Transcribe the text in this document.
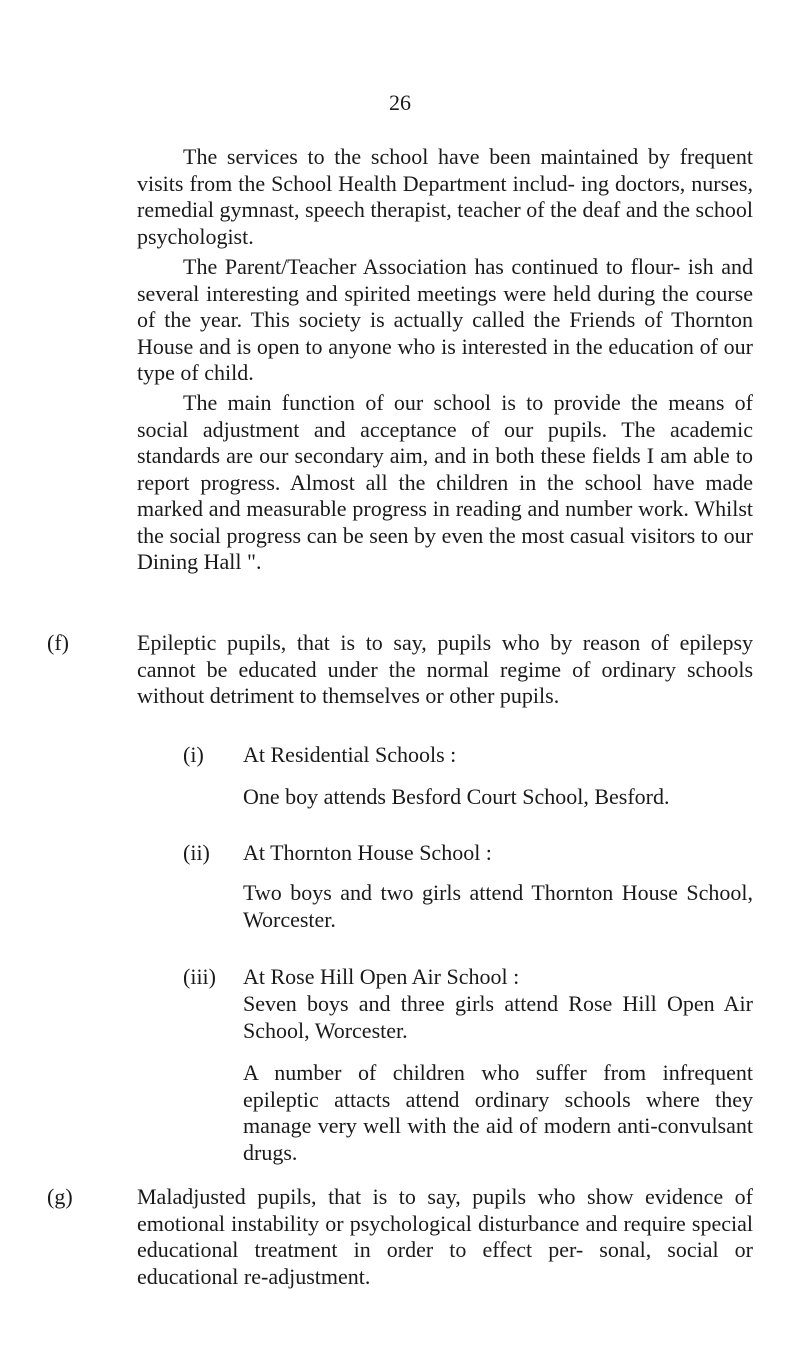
26

The services to the school have been maintained by frequent visits from the School Health Department includ- ing doctors, nurses, remedial gymnast, speech therapist, teacher of the deaf and the school psychologist.

The Parent/Teacher Association has continued to flour- ish and several interesting and spirited meetings were held during the course of the year. This society is actually called the Friends of Thornton House and is open to anyone who is interested in the education of our type of child.

The main function of our school is to provide the means of social adjustment and acceptance of our pupils. The academic standards are our secondary aim, and in both these fields I am able to report progress. Almost all the children in the school have made marked and measurable progress in reading and number work. Whilst the social progress can be seen by even the most casual visitors to our Dining Hall ".

(f)	Epileptic pupils, that is to say, pupils who by reason of epilepsy cannot be educated under the normal regime of ordinary schools without detriment to themselves or other pupils.

(i) At Residential Schools :

One boy attends Besford Court School, Besford.

(ii) At Thornton House School :

Two boys and two girls attend Thornton House School, Worcester.

(iii) At Rose Hill Open Air School :

Seven boys and three girls attend Rose Hill Open Air School, Worcester.

A number of children who suffer from infrequent epileptic attacts attend ordinary schools where they manage very well with the aid of modern anti-convulsant drugs.

(g)	Maladjusted pupils, that is to say, pupils who show evidence of emotional instability or psychological disturbance and require special educational treatment in order to effect per- sonal, social or educational re-adjustment.
